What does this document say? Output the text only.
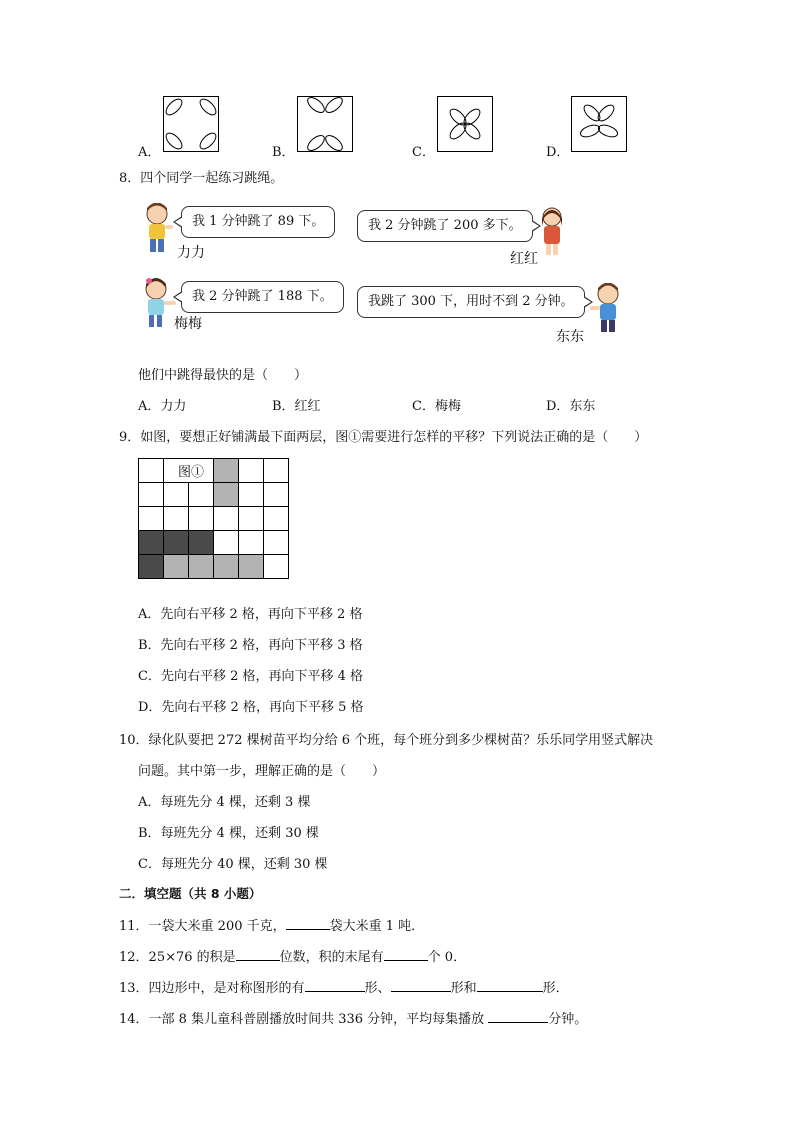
A．	B．	C．	D．
8．四个同学一起练习跳绳。
我 1 分钟跳了 89 下。
力力
我 2 分钟跳了 200 多下。
红红
我 2 分钟跳了 188 下。
梅梅
我跳了 300 下，用时不到 2 分钟。
东东
他们中跳得最快的是（　　）
A．力力	B．红红	C．梅梅	D．东东
9．如图，要想正好铺满最下面两层，图①需要进行怎样的平移？下列说法正确的是（　　）

	图①				

A．先向右平移 2 格，再向下平移 2 格
B．先向右平移 2 格，再向下平移 3 格
C．先向右平移 2 格，再向下平移 4 格
D．先向右平移 2 格，再向下平移 5 格
10．绿化队要把 272 棵树苗平均分给 6 个班，每个班分到多少棵树苗？乐乐同学用竖式解决
问题。其中第一步，理解正确的是（　　）
A．每班先分 4 棵，还剩 3 棵
B．每班先分 4 棵，还剩 30 棵
C．每班先分 40 棵，还剩 30 棵
二．填空题（共 8 小题）
11．一袋大米重 200 千克，	袋大米重 1 吨．
12．25×76 的积是	位数，积的末尾有	个 0．
13．四边形中，是对称图形的有	形、	形和	形．
14．一部 8 集儿童科普剧播放时间共 336 分钟，平均每集播放	分钟。
